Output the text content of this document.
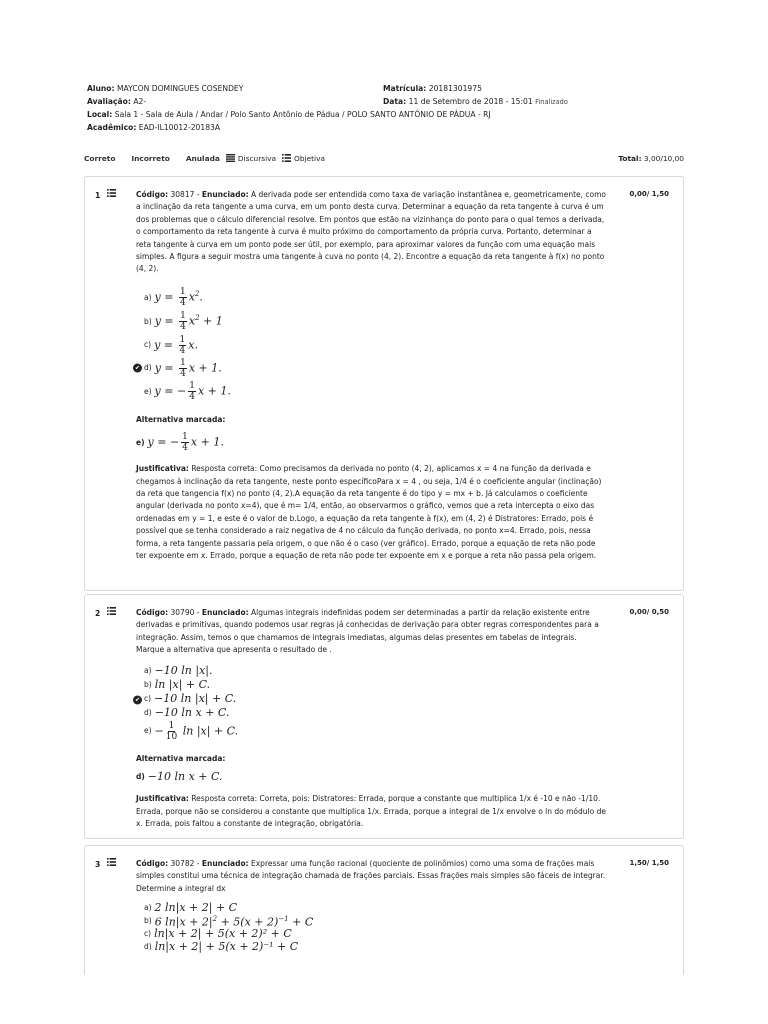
Aluno: MAYCON DOMINGUES COSENDEY	Matrícula: 20181301975
Avaliação: A2-	Data: 11 de Setembro de 2018 - 15:01 Finalizado
Local:
Sala 1 - Sala de Aula / Andar / Polo Santo Antônio de Pádua / POLO SANTO ANTÔNIO DE PÁDUA - RJ
Acadêmico:
EAD-IL10012-20183A
Correto Incorreto Anulada Discursiva Objetiva	Total: 3,00/10,00
1	0,00/ 1,50
Código: 30817 - Enunciado: A derivada pode ser entendida como taxa de variação instantânea e, geometricamente, como a inclinação da reta tangente a uma curva, em um ponto desta curva. Determinar a equação da reta tangente à curva é um dos problemas que o cálculo diferencial resolve. Em pontos que estão na vizinhança do ponto para o qual temos a derivada, o comportamento da reta tangente à curva é muito próximo do comportamento da própria curva. Portanto, determinar a reta tangente à curva em um ponto pode ser útil, por exemplo, para aproximar valores da função com uma equação mais simples. A figura a seguir mostra uma tangente à cuva no ponto (4, 2). Encontre a equação da reta tangente à f(x) no ponto (4, 2).
a) $y = \frac{1}{4} x^2$.
b) $y = \frac{1}{4} x^2 + 1$
c) $y = \frac{1}{4} x$.
✔ d) $y = \frac{1}{4}$ x + 1.
e) y = − $\frac{1}{4}$ x + 1.
Alternativa marcada:
e) y = − $\frac{1}{4}$ x + 1.
Justificativa: Resposta correta: Como precisamos da derivada no ponto (4, 2), aplicamos x = 4 na função da derivada e chegamos à inclinação da reta tangente, neste ponto específicoPara x = 4 , ou seja, 1/4 é o coeficiente angular (inclinação) da reta que tangencia f(x) no ponto (4, 2).A equação da reta tangente é do tipo y = mx + b. Já calculamos o coeficiente angular (derivada no ponto x=4), que é m= 1/4, então, ao observarmos o gráfico, vemos que a reta intercepta o eixo das ordenadas em y = 1, e este é o valor de b.Logo, a equação da reta tangente à f(x), em (4, 2) é Distratores: Errado, pois é possível que se tenha considerado a raiz negativa de 4 no cálculo da função derivada, no ponto x=4. Errado, pois, nessa forma, a reta tangente passaria pela origem, o que não é o caso (ver gráfico). Errado, porque a equação de reta não pode ter expoente em x. Errado, porque a equação de reta não pode ter expoente em x e porque a reta não passa pela origem.
2	0,00/ 0,50
Código: 30790 - Enunciado: Algumas integrais indefinidas podem ser determinadas a partir da relação existente entre derivadas e primitivas, quando podemos usar regras já conhecidas de derivação para obter regras correspondentes para a integração. Assim, temos o que chamamos de integrais imediatas, algumas delas presentes em tabelas de integrais. Marque a alternativa que apresenta o resultado de .
a) −10 ln |x|.
b) ln |x| + C.
✔ c) −10 ln |x| + C.
d) −10 ln x + C.
$e) - \frac{1}{10}$ ln |x| + C.
Alternativa marcada:
d) −10 ln x + C.
Justificativa: Resposta correta: Correta, pois: Distratores: Errada, porque a constante que multiplica 1/x é -10 e não -1/10. Errada, porque não se considerou a constante que multiplica 1/x. Errada, porque a integral de 1/x envolve o ln do módulo de x. Errada, pois faltou a constante de integração, obrigatória.
3	1,50/ 1,50
Código: 30782 - Enunciado: Expressar uma função racional (quociente de polinômios) como uma soma de frações mais simples constitui uma técnica de integração chamada de frações parciais. Essas frações mais simples são fáceis de integrar. Determine a integral dx
a) 2 ln|x + 2| + C
b) 6 $\ln|x + 2|^2 + 5(x + 2)^{-1} + C$
c) ln|x + 2| + 5(x + 2)² + C
d) ln|x + 2| + 5(x + 2)⁻¹ + C
